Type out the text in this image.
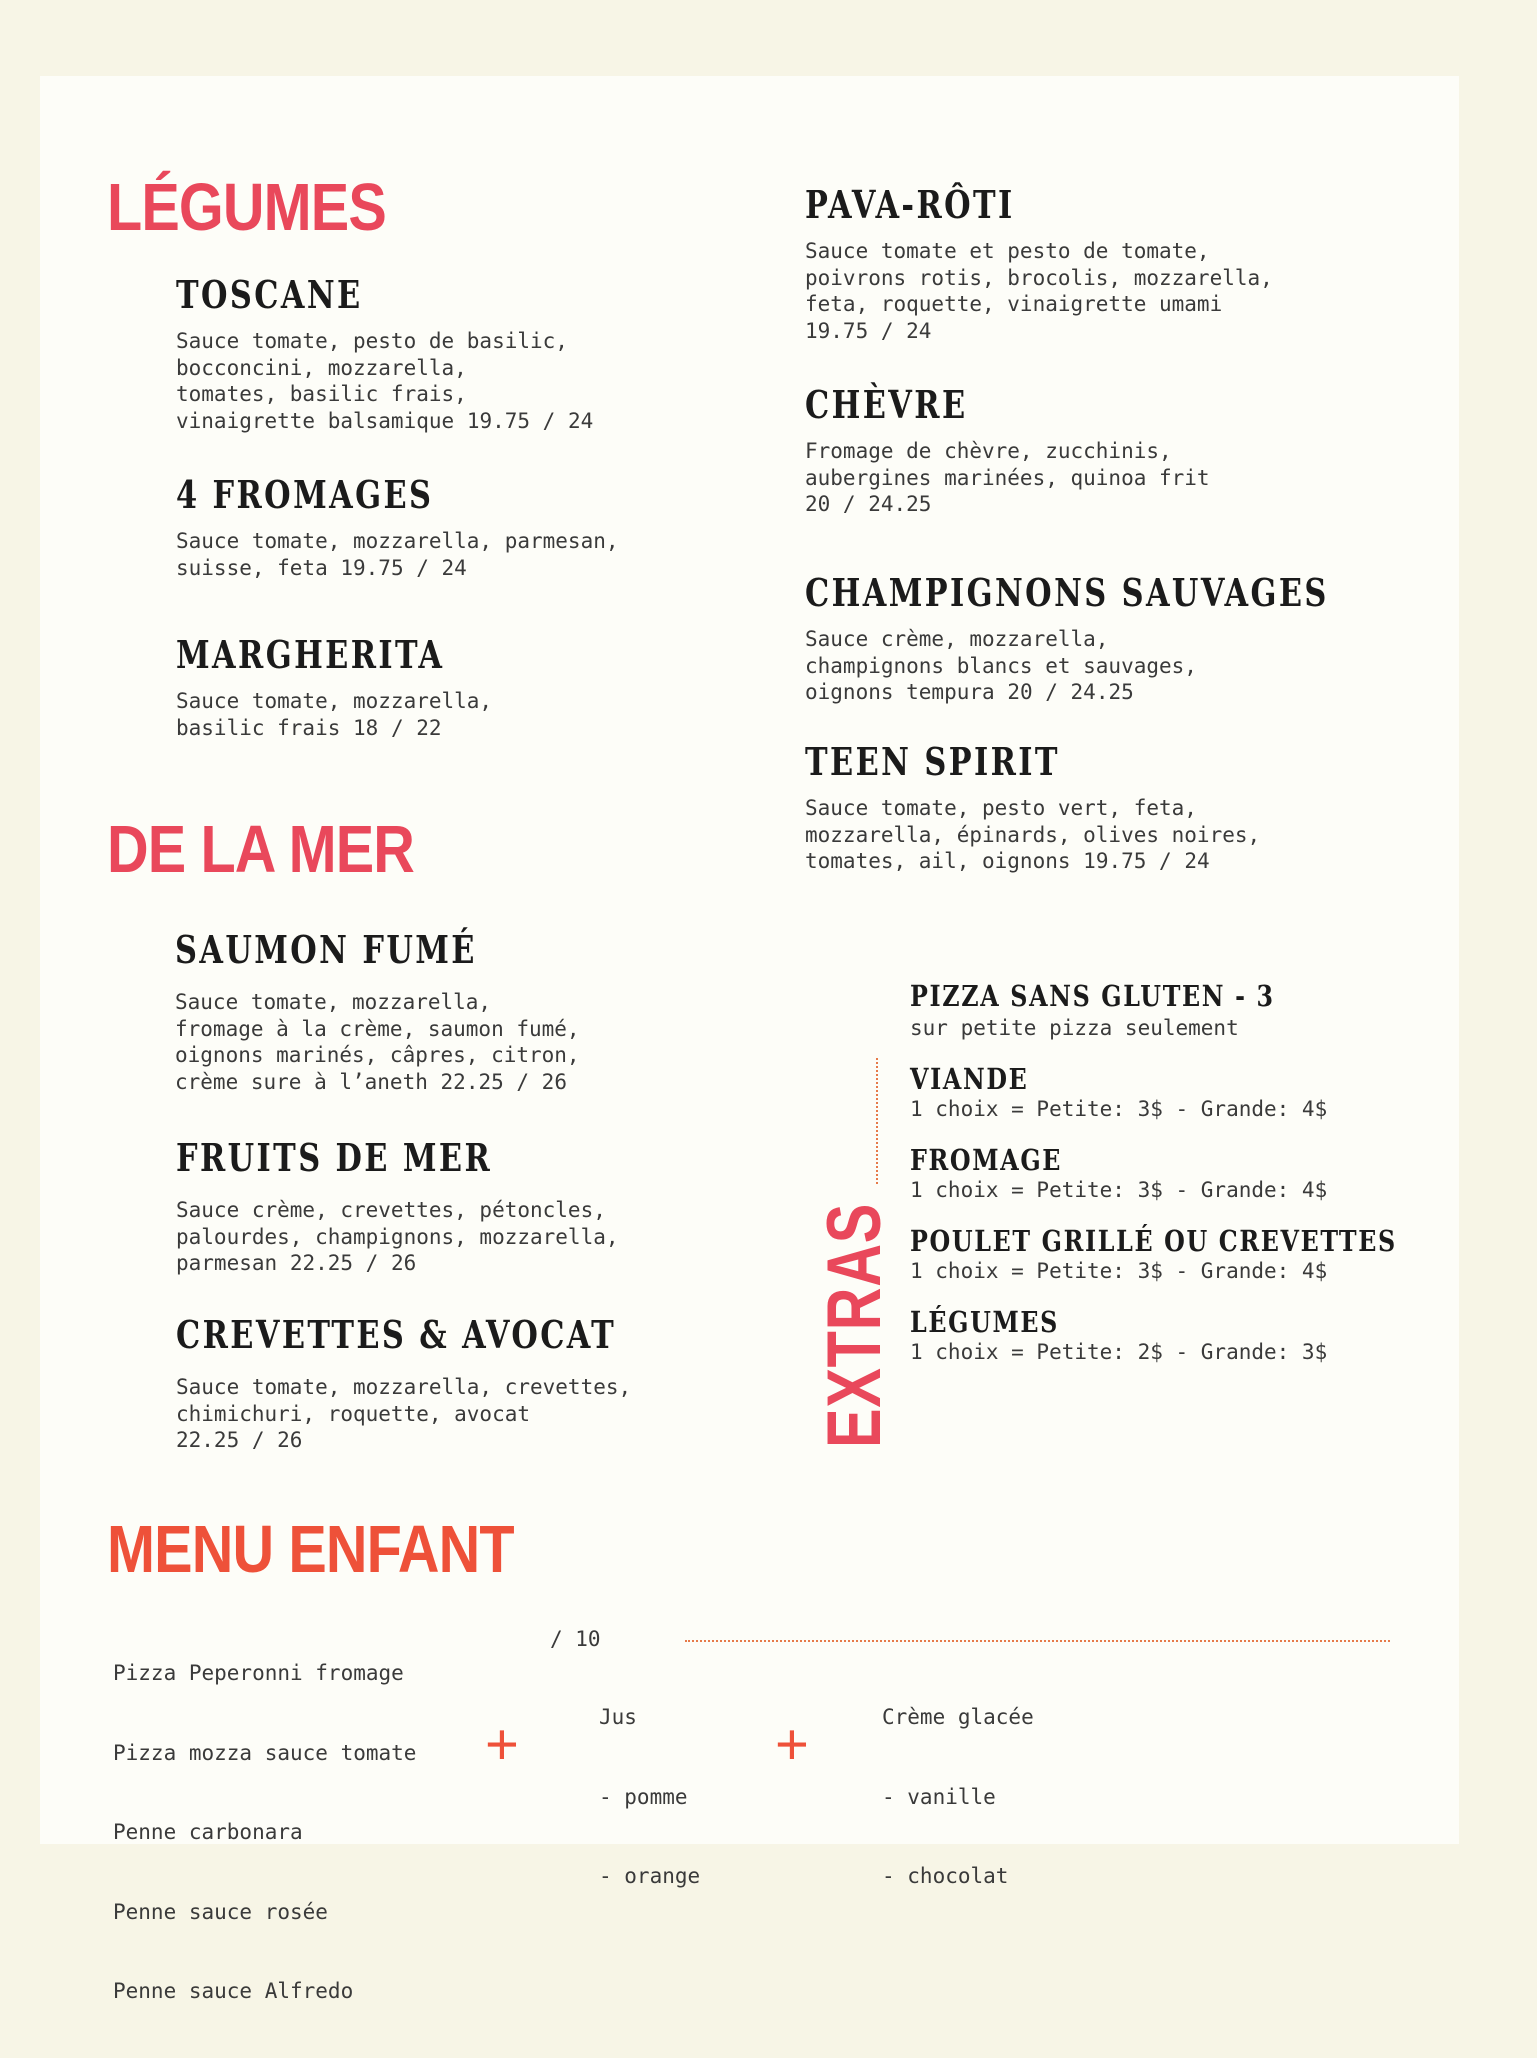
LÉGUMES
TOSCANE

Sauce tomate, pesto de basilic,
bocconcini, mozzarella,
tomates, basilic frais,
vinaigrette balsamique 19.75 / 24

4 FROMAGES

Sauce tomate, mozzarella, parmesan,
suisse, feta 19.75 / 24

MARGHERITA

Sauce tomate, mozzarella,
basilic frais 18 / 22

PAVA-RÔTI

Sauce tomate et pesto de tomate,
poivrons rotis, brocolis, mozzarella,
feta, roquette, vinaigrette umami
19.75 / 24

CHÈVRE

Fromage de chèvre, zucchinis,
aubergines marinées, quinoa frit
20 / 24.25

CHAMPIGNONS SAUVAGES

Sauce crème, mozzarella,
champignons blancs et sauvages,
oignons tempura 20 / 24.25

TEEN SPIRIT

Sauce tomate, pesto vert, feta,
mozzarella, épinards, olives noires,
tomates, ail, oignons 19.75 / 24

DE LA MER
SAUMON FUMÉ

Sauce tomate, mozzarella,
fromage à la crème, saumon fumé,
oignons marinés, câpres, citron,
crème sure à l’aneth 22.25 / 26

FRUITS DE MER

Sauce crème, crevettes, pétoncles,
palourdes, champignons, mozzarella,
parmesan 22.25 / 26

CREVETTES & AVOCAT

Sauce tomate, mozzarella, crevettes,
chimichuri, roquette, avocat
22.25 / 26	EXTRAS
PIZZA SANS GLUTEN - 3

sur petite pizza seulement

VIANDE

1 choix = Petite: 3$ - Grande: 4$

FROMAGE

1 choix = Petite: 3$ - Grande: 4$

POULET GRILLÉ OU CREVETTES

1 choix = Petite: 3$ - Grande: 4$

LÉGUMES

1 choix = Petite: 2$ - Grande: 3$

MENU ENFANT
/ 10

Pizza Peperonni fromage

Pizza mozza sauce tomate

Penne carbonara

Penne sauce rosée

Penne sauce Alfredo

+

	Jus

- pomme

- orange

+

	Crème glacée

- vanille

- chocolat
